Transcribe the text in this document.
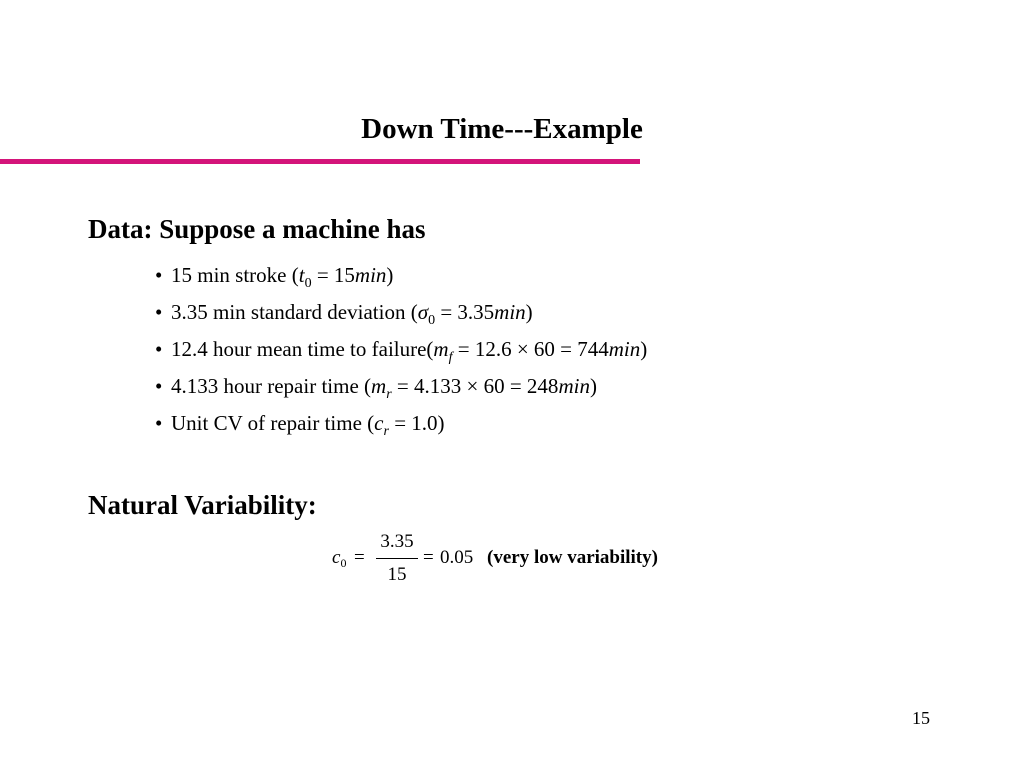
Down Time---Example
Data: Suppose a machine has
• 15 min stroke $(t_0 = 15\min)$
• 3.35 min standard deviation $(\sigma_0 = 3.35\min)$
• 12.4 hour mean time to $failure(m_f = 12.6 \times 60 = 744\min)$
• 4.133 hour repair time $(m_r = 4.133 \times 60 = 248\min)$
• Unit CV of repair time $(c_r = 1.0)$
Natural Variability:
$c_0$ =
3.35
15
= 0.05 (very low variability)
15
